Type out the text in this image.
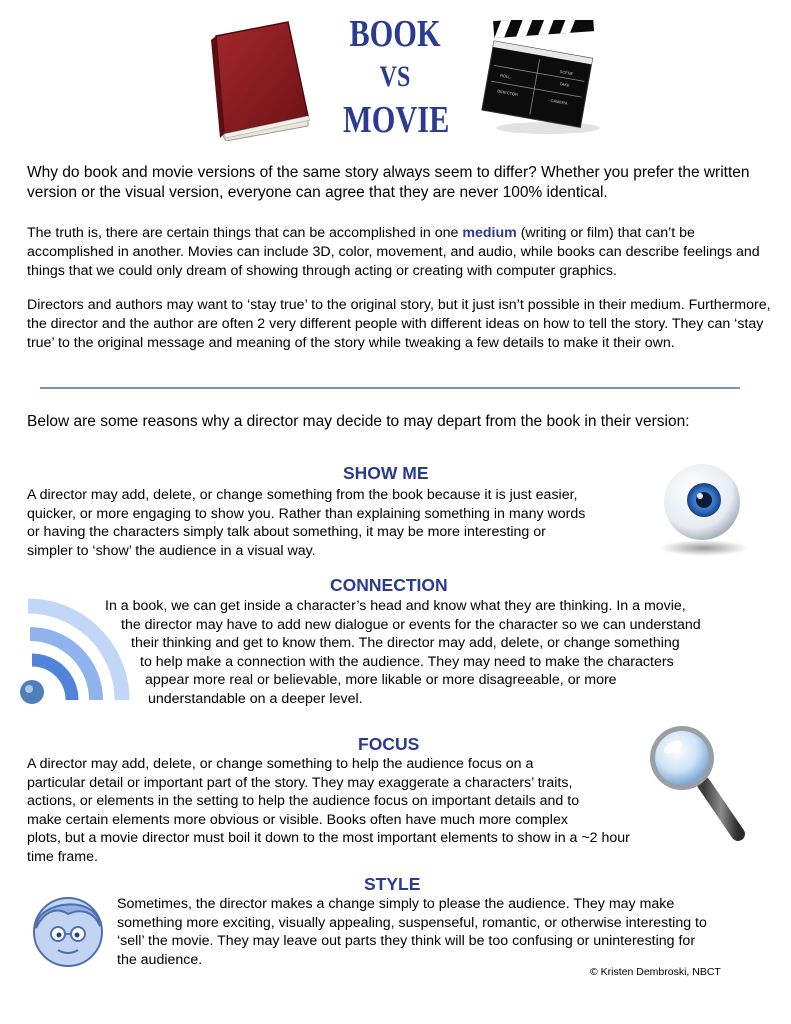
BOOK
VS
MOVIE
SCENE
TAKE
ROLL
DIRECTOR
CAMERA

Why do book and movie versions of the same story always seem to differ? Whether you prefer the written version or the visual version, everyone can agree that they are never 100% identical.

The truth is, there are certain things that can be accomplished in one medium (writing or film) that can’t be accomplished in another. Movies can include 3D, color, movement, and audio, while books can describe feelings and things that we could only dream of showing through acting or creating with computer graphics.

Directors and authors may want to ‘stay true’ to the original story, but it just isn’t possible in their medium. Furthermore, the director and the author are often 2 very different people with different ideas on how to tell the story. They can ‘stay true’ to the original message and meaning of the story while tweaking a few details to make it their own.

Below are some reasons why a director may decide to may depart from the book in their version:

SHOW ME
A director may add, delete, or change something from the book because it is just easier,
quicker, or more engaging to show you. Rather than explaining something in many words
or having the characters simply talk about something, it may be more interesting or
simpler to ‘show’ the audience in a visual way.
CONNECTION
In a book, we can get inside a character’s head and know what they are thinking. In a movie,
the director may have to add new dialogue or events for the character so we can understand
their thinking and get to know them. The director may add, delete, or change something
to help make a connection with the audience. They may need to make the characters
appear more real or believable, more likable or more disagreeable, or more
understandable on a deeper level.
FOCUS
A director may add, delete, or change something to help the audience focus on a
particular detail or important part of the story. They may exaggerate a characters’ traits,
actions, or elements in the setting to help the audience focus on important details and to
make certain elements more obvious or visible. Books often have much more complex
plots, but a movie director must boil it down to the most important elements to show in a ~2 hour
time frame.
STYLE
Sometimes, the director makes a change simply to please the audience. They may make
something more exciting, visually appealing, suspenseful, romantic, or otherwise interesting to
‘sell’ the movie. They may leave out parts they think will be too confusing or uninteresting for
the audience.
© Kristen Dembroski, NBCT
